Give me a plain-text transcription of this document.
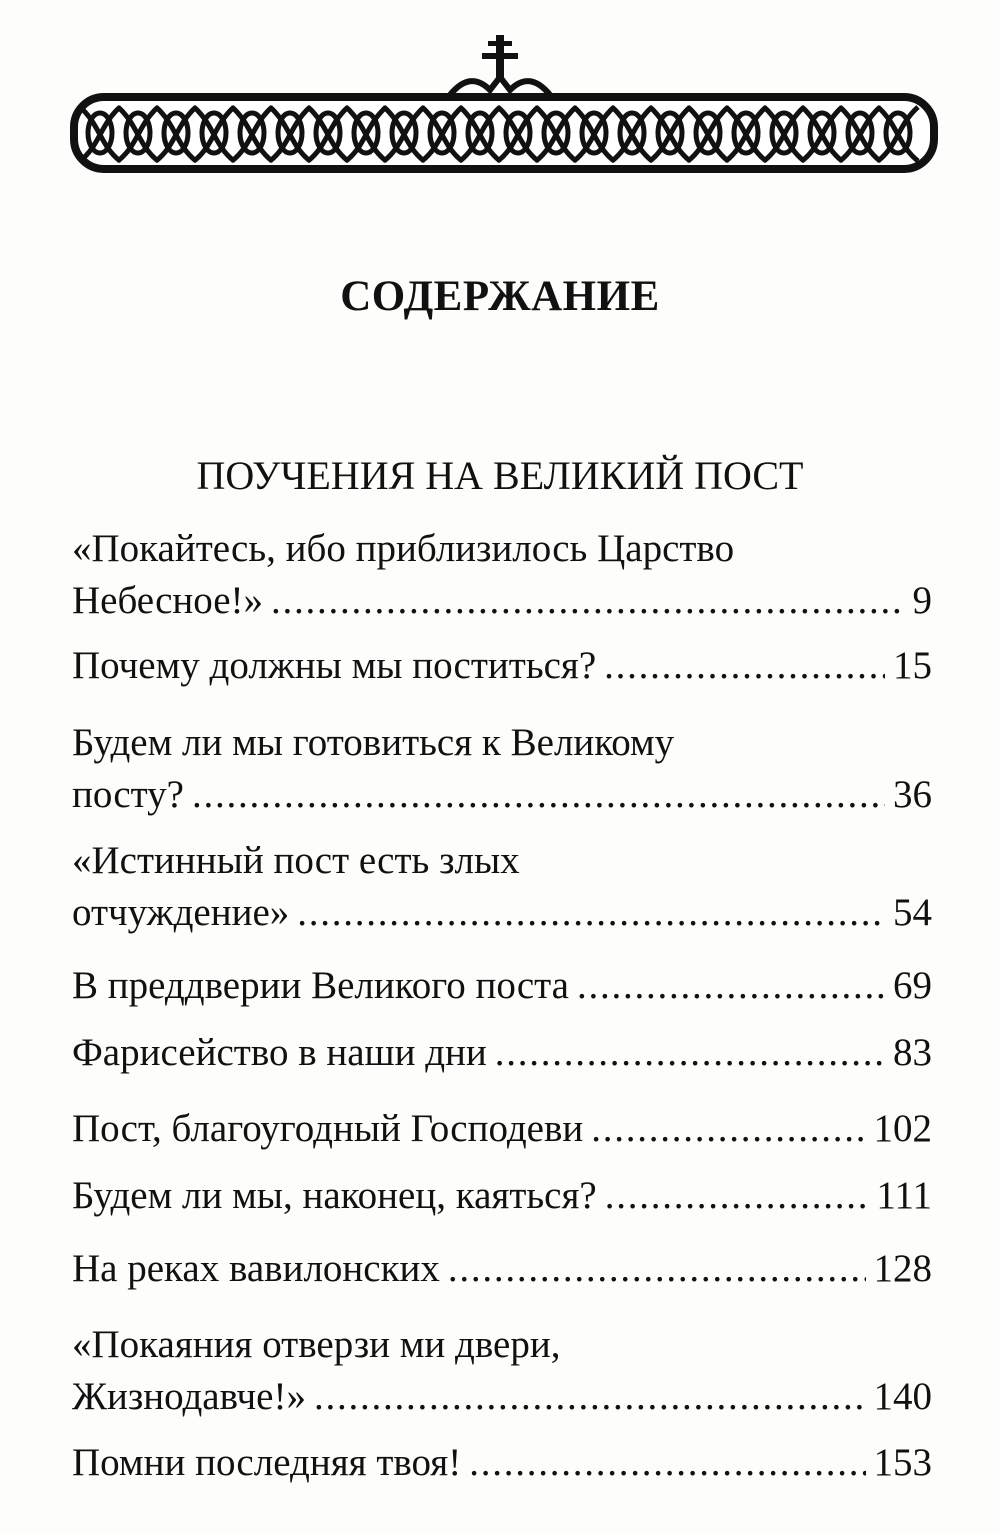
СОДЕРЖАНИЕ
ПОУЧЕНИЯ НА ВЕЛИКИЙ ПОСТ
«Покайтесь, ибо приблизилось Царство
Небесное!» . . .	9
Почему должны мы поститься? . . .	15
Будем ли мы готовиться к Великому
посту? . . .	36
«Истинный пост есть злых
отчуждение» . . .	54
В преддверии Великого поста . . .	69
Фарисейство в наши дни . . .	83
Пост, благоугодный Господеви . . .	102
Будем ли мы, наконец, каяться? . . .	111
На реках вавилонских . . .	128
«Покаяния отверзи ми двери,
Жизнодавче!» . . .	140
Помни последняя твоя! . . .	153
